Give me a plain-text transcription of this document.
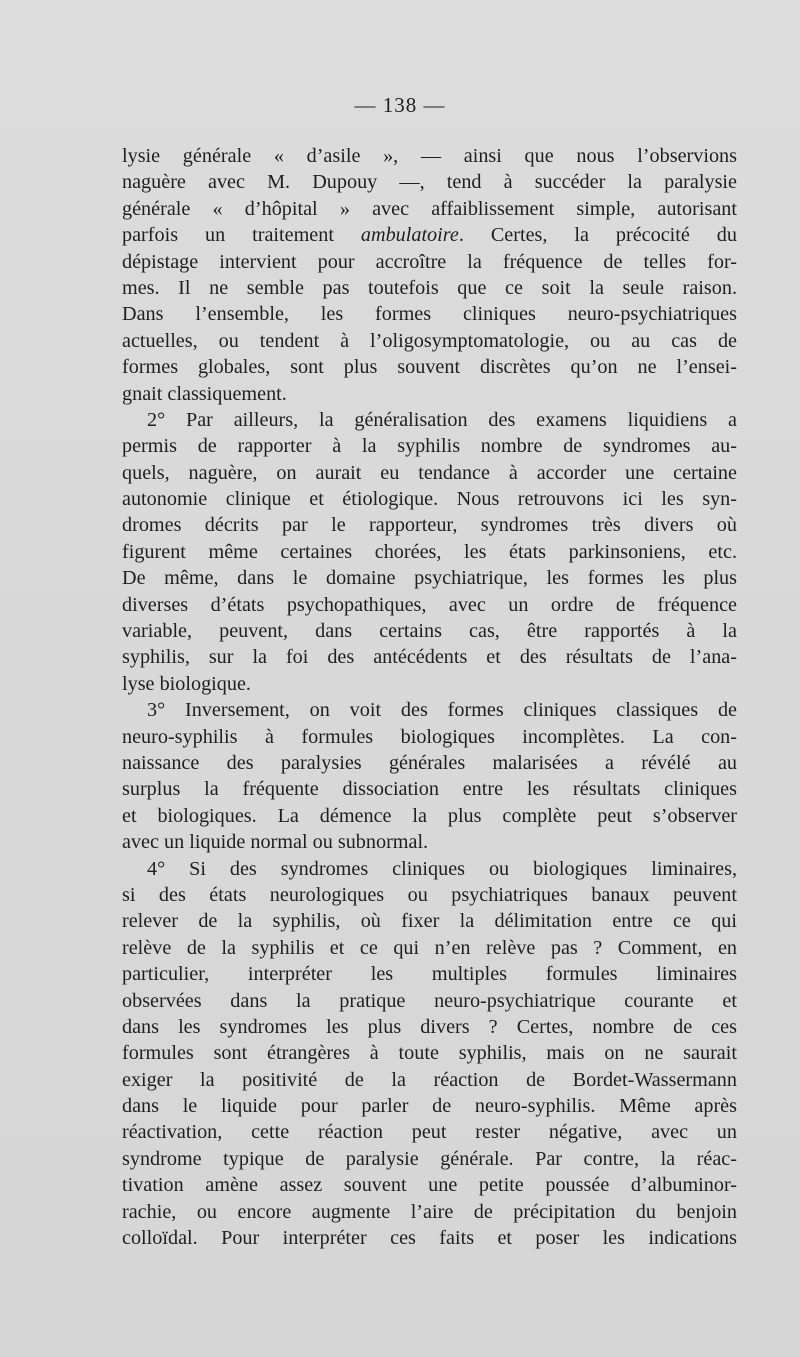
— 138 —
lysie générale « d’asile », — ainsi que nous l’observions
naguère avec M. Dupouy —, tend à succéder la paralysie
générale « d’hôpital » avec affaiblissement simple, autorisant
parfois un traitement ambulatoire. Certes, la précocité du
dépistage intervient pour accroître la fréquence de telles for-
mes. Il ne semble pas toutefois que ce soit la seule raison.
Dans l’ensemble, les formes cliniques neuro-psychiatriques
actuelles, ou tendent à l’oligosymptomatologie, ou au cas de
formes globales, sont plus souvent discrètes qu’on ne l’ensei-
gnait classiquement.
2° Par ailleurs, la généralisation des examens liquidiens a
permis de rapporter à la syphilis nombre de syndromes au-
quels, naguère, on aurait eu tendance à accorder une certaine
autonomie clinique et étiologique. Nous retrouvons ici les syn-
dromes décrits par le rapporteur, syndromes très divers où
figurent même certaines chorées, les états parkinsoniens, etc.
De même, dans le domaine psychiatrique, les formes les plus
diverses d’états psychopathiques, avec un ordre de fréquence
variable, peuvent, dans certains cas, être rapportés à la
syphilis, sur la foi des antécédents et des résultats de l’ana-
lyse biologique.
3° Inversement, on voit des formes cliniques classiques de
neuro-syphilis à formules biologiques incomplètes. La con-
naissance des paralysies générales malarisées a révélé au
surplus la fréquente dissociation entre les résultats cliniques
et biologiques. La démence la plus complète peut s’observer
avec un liquide normal ou subnormal.
4° Si des syndromes cliniques ou biologiques liminaires,
si des états neurologiques ou psychiatriques banaux peuvent
relever de la syphilis, où fixer la délimitation entre ce qui
relève de la syphilis et ce qui n’en relève pas ? Comment, en
particulier, interpréter les multiples formules liminaires
observées dans la pratique neuro-psychiatrique courante et
dans les syndromes les plus divers ? Certes, nombre de ces
formules sont étrangères à toute syphilis, mais on ne saurait
exiger la positivité de la réaction de Bordet-Wassermann
dans le liquide pour parler de neuro-syphilis. Même après
réactivation, cette réaction peut rester négative, avec un
syndrome typique de paralysie générale. Par contre, la réac-
tivation amène assez souvent une petite poussée d’albuminor-
rachie, ou encore augmente l’aire de précipitation du benjoin
colloïdal. Pour interpréter ces faits et poser les indications
